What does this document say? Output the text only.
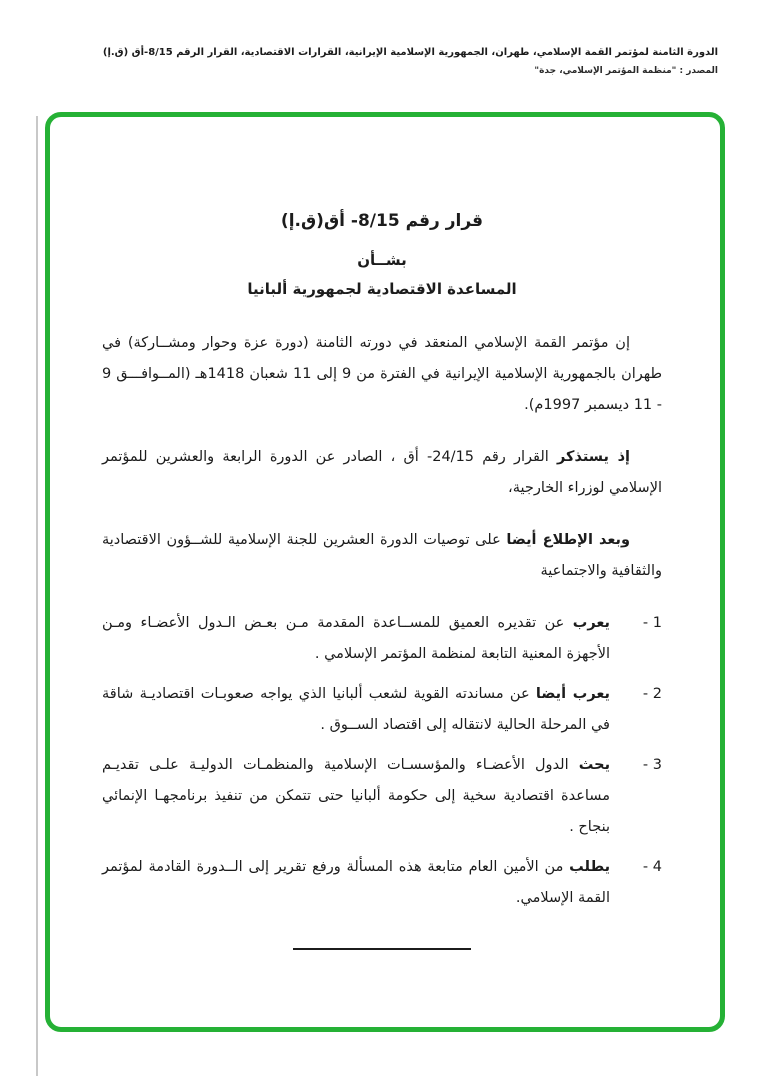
الدورة الثامنة لمؤتمر القمة الإسلامي، طهران، الجمهورية الإسلامية الإيرانية، القرارات الاقتصادية، القرار الرقم 8/15-أق (ق.إ)
المصدر : "منظمة المؤتمر الإسلامي، جدة"
قرار رقم 8/15- أق(ق.إ)
بشــأن
المساعدة الاقتصادية لجمهورية ألبانيا

إن مؤتمر القمة الإسلامي المنعقد في دورته الثامنة (دورة عزة وحوار ومشــاركة) في طهران بالجمهورية الإسلامية الإيرانية في الفترة من 9 إلى 11 شعبان 1418هـ (المــوافـــق 9 - 11 ديسمبر 1997م).

إذ يستذكر القرار رقم 24/15- أق ، الصادر عن الدورة الرابعة والعشرين للمؤتمر الإسلامي لوزراء الخارجية،

وبعد الإطلاع أيضا على توصيات الدورة العشرين للجنة الإسلامية للشــؤون الاقتصادية والثقافية والاجتماعية

1 -
يعرب عن تقديره العميق للمســاعدة المقدمة مـن بعـض الـدول الأعضـاء ومـن الأجهزة المعنية التابعة لمنظمة المؤتمر الإسلامي .
2 -
يعرب أيضا عن مساندته القوية لشعب ألبانيا الذي يواجه صعوبـات اقتصاديـة شاقة في المرحلة الحالية لانتقاله إلى اقتصاد الســوق .
3 -
يحث الدول الأعضـاء والمؤسسـات الإسلامية والمنظمـات الدوليـة علـى تقديـم مساعدة اقتصادية سخية إلى حكومة ألبانيا حتى تتمكن من تنفيذ برنامجهـا الإنمائي بنجاح .
4 -
يطلب من الأمين العام متابعة هذه المسألة ورفع تقرير إلى الــدورة القادمة لمؤتمر القمة الإسلامي.
